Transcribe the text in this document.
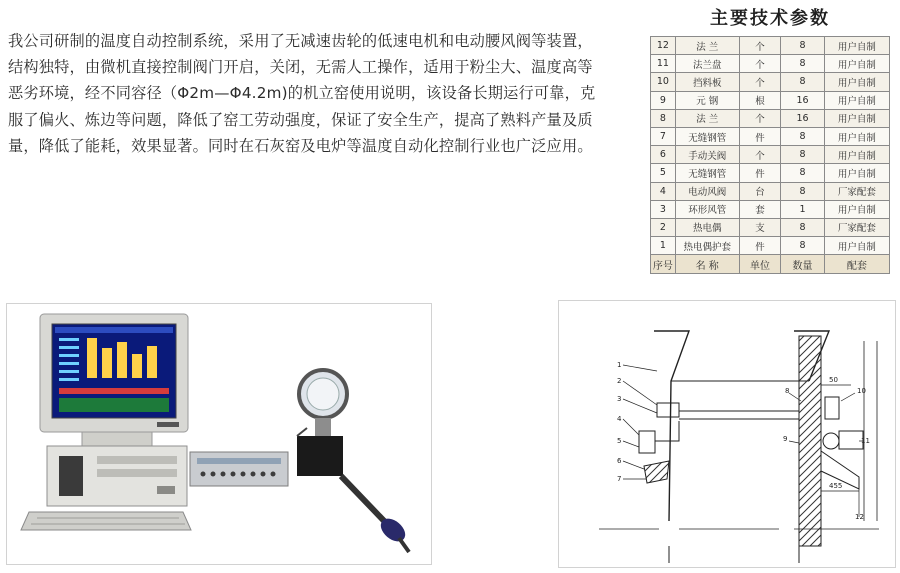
我公司研制的温度自动控制系统，采用了无减速齿轮的低速电机和电动腰风阀等装置，结构独特，由微机直接控制阀门开启，关闭，无需人工操作，适用于粉尘大、温度高等恶劣环境，经不同容径（Φ2m—Φ4.2m)的机立窑使用说明，该设备长期运行可靠，克服了偏火、炼边等问题，降低了窑工劳动强度，保证了安全生产，提高了熟料产量及质量，降低了能耗，效果显著。同时在石灰窑及电炉等温度自动化控制行业也广泛应用。

主要技术参数
12	法 兰	个	8	用户自制
11	法兰盘	个	8	用户自制
10	挡料板	个	8	用户自制
9	元 钢	根	16	用户自制
8	法 兰	个	16	用户自制
7	无缝钢管	件	8	用户自制
6	手动关阀	个	8	用户自制
5	无缝钢管	件	8	用户自制
4	电动风阀	台	8	厂家配套
3	环形风管	套	1	用户自制
2	热电偶	支	8	厂家配套
1	热电偶护套	件	8	用户自制
序号	名 称	单位	数量	配套
1
2
3
4
5
6
7
8
9
10
11
12
50
455
